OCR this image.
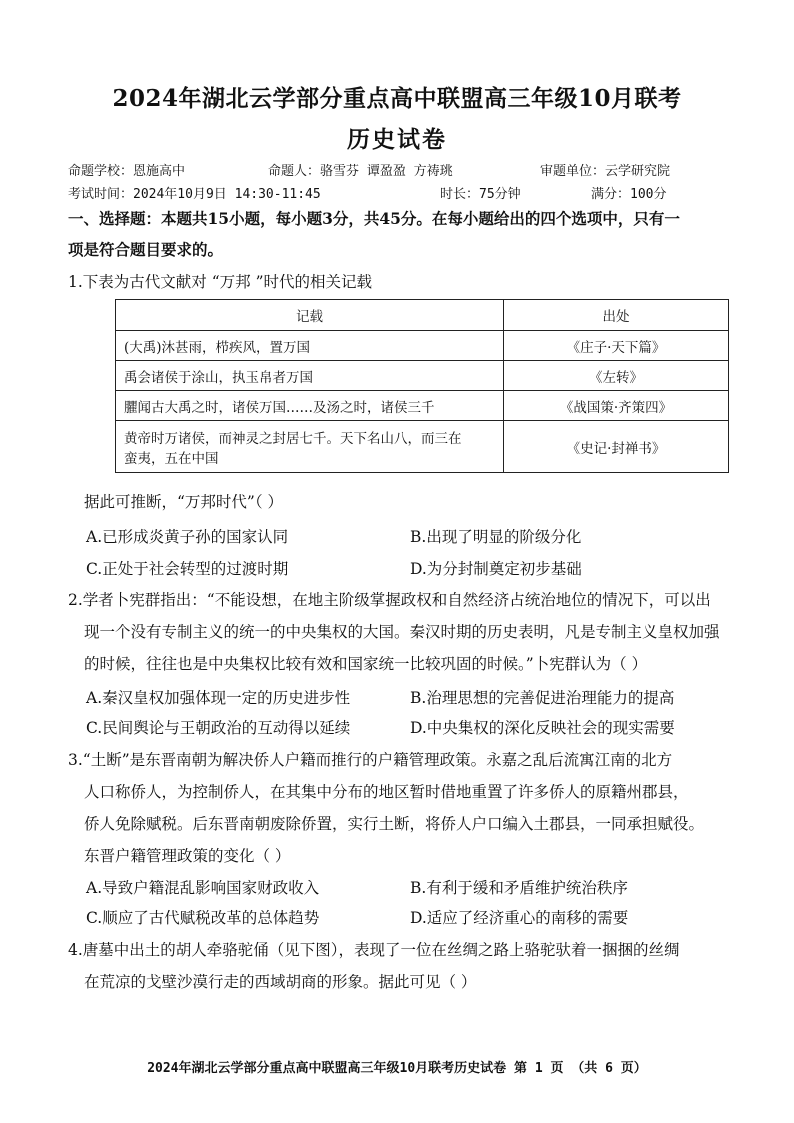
2024年湖北云学部分重点高中联盟高三年级10月联考
历史试卷
命题学校：恩施高中	命题人：骆雪芬 谭盈盈 方祷珧	审题单位：云学研究院
考试时间：2024年10月9日 14:30-11:45	时长：75分钟	满分：100分
一、选择题：本题共15小题，每小题3分，共45分。在每小题给出的四个选项中，只有一
项是符合题目要求的。
1.下表为古代文献对 “万邦 ”时代的相关记载
记载	出处
(大禹)沐甚雨，栉疾风，置万国	《庄子·天下篇》
禹会诸侯于涂山，执玉帛者万国	《左转》
臞闻古大禹之时，诸侯万国……及汤之时，诸侯三千	《战国策·齐策四》

黄帝时万诸侯，而神灵之封居七千。天下名山八，而三在
蛮夷，五在中国	《史记·封禅书》
据此可推断，“万邦时代”（ ）
A.已形成炎黄子孙的国家认同	B.出现了明显的阶级分化
C.正处于社会转型的过渡时期	D.为分封制奠定初步基础
2.学者卜宪群指出：“不能设想，在地主阶级掌握政权和自然经济占统治地位的情况下，可以出
现一个没有专制主义的统一的中央集权的大国。秦汉时期的历史表明，凡是专制主义皇权加强
的时候，往往也是中央集权比较有效和国家统一比较巩固的时候。”卜宪群认为（ ）
A.秦汉皇权加强体现一定的历史进步性	B.治理思想的完善促进治理能力的提高
C.民间舆论与王朝政治的互动得以延续	D.中央集权的深化反映社会的现实需要
3.“土断”是东晋南朝为解决侨人户籍而推行的户籍管理政策。永嘉之乱后流寓江南的北方
人口称侨人，为控制侨人，在其集中分布的地区暂时借地重置了许多侨人的原籍州郡县，
侨人免除赋税。后东晋南朝废除侨置，实行土断，将侨人户口编入土郡县，一同承担赋役。
东晋户籍管理政策的变化（ ）
A.导致户籍混乱影响国家财政收入	B.有利于缓和矛盾维护统治秩序
C.顺应了古代赋税改革的总体趋势	D.适应了经济重心的南移的需要
4.唐墓中出土的胡人牵骆驼俑（见下图），表现了一位在丝绸之路上骆驼驮着一捆捆的丝绸
在荒凉的戈壁沙漠行走的西域胡商的形象。据此可见（ ）
2024年湖北云学部分重点高中联盟高三年级10月联考历史试卷 第 1 页 （共 6 页）
